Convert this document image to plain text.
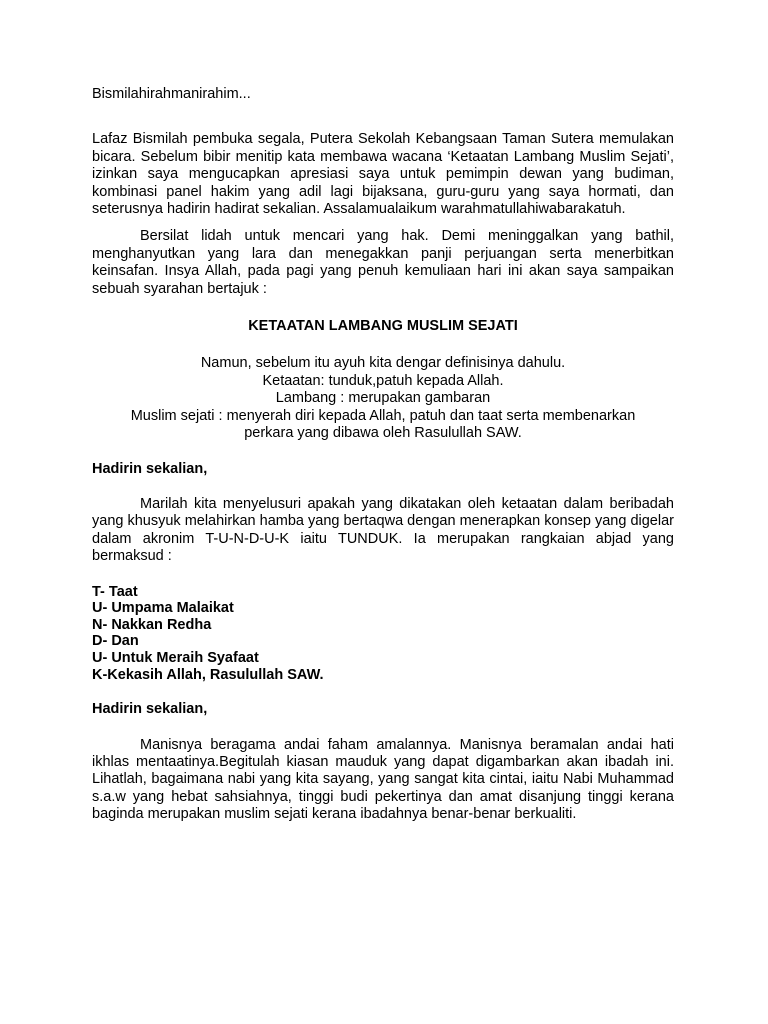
Bismilahirahmanirahim...

Lafaz Bismilah pembuka segala, Putera Sekolah Kebangsaan Taman Sutera memulakan bicara. Sebelum bibir menitip kata membawa wacana ‘Ketaatan Lambang Muslim Sejati’, izinkan saya mengucapkan apresiasi saya untuk pemimpin dewan yang budiman, kombinasi panel hakim yang adil lagi bijaksana, guru-guru yang saya hormati, dan seterusnya hadirin hadirat sekalian. Assalamualaikum warahmatullahiwabarakatuh.

Bersilat lidah untuk mencari yang hak. Demi meninggalkan yang bathil, menghanyutkan yang lara dan menegakkan panji perjuangan serta menerbitkan keinsafan. Insya Allah, pada pagi yang penuh kemuliaan hari ini akan saya sampaikan sebuah syarahan bertajuk :

KETAATAN LAMBANG MUSLIM SEJATI

Namun, sebelum itu ayuh kita dengar definisinya dahulu.
Ketaatan: tunduk,patuh kepada Allah.
Lambang : merupakan gambaran
Muslim sejati : menyerah diri kepada Allah, patuh dan taat serta membenarkan
perkara yang dibawa oleh Rasulullah SAW.

Hadirin sekalian,

Marilah kita menyelusuri apakah yang dikatakan oleh ketaatan dalam beribadah yang khusyuk melahirkan hamba yang bertaqwa dengan menerapkan konsep yang digelar dalam akronim T-U-N-D-U-K iaitu TUNDUK. Ia merupakan rangkaian abjad yang bermaksud :

T- Taat
U- Umpama Malaikat
N- Nakkan Redha
D- Dan
U- Untuk Meraih Syafaat
K-Kekasih Allah, Rasulullah SAW.

Hadirin sekalian,

Manisnya beragama andai faham amalannya. Manisnya beramalan andai hati ikhlas mentaatinya.Begitulah kiasan mauduk yang dapat digambarkan akan ibadah ini. Lihatlah, bagaimana nabi yang kita sayang, yang sangat kita cintai, iaitu Nabi Muhammad s.a.w yang hebat sahsiahnya, tinggi budi pekertinya dan amat disanjung tinggi kerana baginda merupakan muslim sejati kerana ibadahnya benar-benar berkualiti.
